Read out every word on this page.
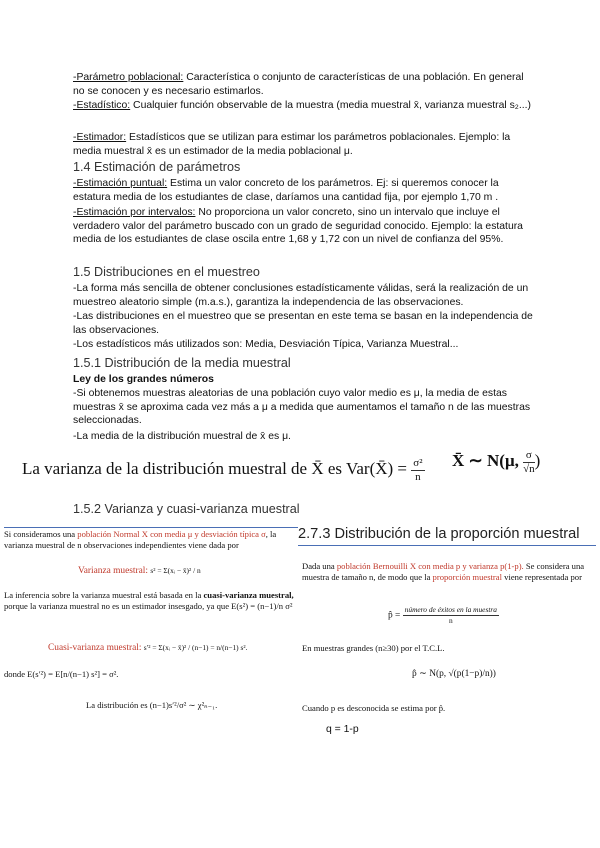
-Parámetro poblacional: Característica o conjunto de características de una población. En general no se conocen y es necesario estimarlos.
-Estadístico: Cualquier función observable de la muestra (media muestral x̄, varianza muestral s₂...)
-Estimador: Estadísticos que se utilizan para estimar los parámetros poblacionales. Ejemplo: la media muestral x̄ es un estimador de la media poblacional μ.
1.4 Estimación de parámetros
-Estimación puntual: Estima un valor concreto de los parámetros. Ej: si queremos conocer la estatura media de los estudiantes de clase, daríamos una cantidad fija, por ejemplo 1,70 m .
-Estimación por intervalos: No proporciona un valor concreto, sino un intervalo que incluye el verdadero valor del parámetro buscado con un grado de seguridad conocido. Ejemplo: la estatura media de los estudiantes de clase oscila entre 1,68 y 1,72 con un nivel de confianza del 95%.
1.5 Distribuciones en el muestreo
-La forma más sencilla de obtener conclusiones estadísticamente válidas, será la realización de un muestreo aleatorio simple (m.a.s.), garantiza la independencia de las observaciones.
-Las distribuciones en el muestreo que se presentan en este tema se basan en la independencia de las observaciones.
-Los estadísticos más utilizados son: Media, Desviación Típica, Varianza Muestral...
1.5.1 Distribución de la media muestral
Ley de los grandes números
-Si obtenemos muestras aleatorias de una población cuyo valor medio es μ, la media de estas muestras x̄ se aproxima cada vez más a μ a medida que aumentamos el tamaño n de las muestras seleccionadas.
-La media de la distribución muestral de x̄ es μ.
La varianza de la distribución muestral de X̄ es Var(X̄) = $\frac{\text{σ²}}{n}$ X̄ ∼ N(μ, $\frac{\sigma}{√n}$ )
1.5.2 Varianza y cuasi-varianza muestral
Si consideramos una población Normal X con media μ y desviación típica σ, la varianza muestral de n observaciones independientes viene dada por
Varianza muestral: s² = Σ(xᵢ − x̄)² / n
La inferencia sobre la varianza muestral está basada en la cuasi-varianza muestral, porque la varianza muestral no es un estimador insesgado, ya que E(s²) = (n−1)/n σ²
Cuasi-varianza muestral: s′² = Σ(xᵢ − x̄)² / (n−1) = n/(n−1) s².
donde E(s′²) = E[n/(n−1) s²] = σ².
La distribución es (n−1)s′²/σ² ∼ χ²ₙ₋₁.
2.7.3 Distribución de la proporción muestral
Dada una población Bernouilli X con media p y varianza p(1-p). Se considera una muestra de tamaño n, de modo que la proporción muestral viene representada por
p̂ = $\frac{\text{número de éxitos en la muestra}}{n}$
En muestras grandes (n≥30) por el T.C.L.
p̂ ∼ N(p, √(p(1−p)/n))
Cuando p es desconocida se estima por p̂.
q = 1-p
